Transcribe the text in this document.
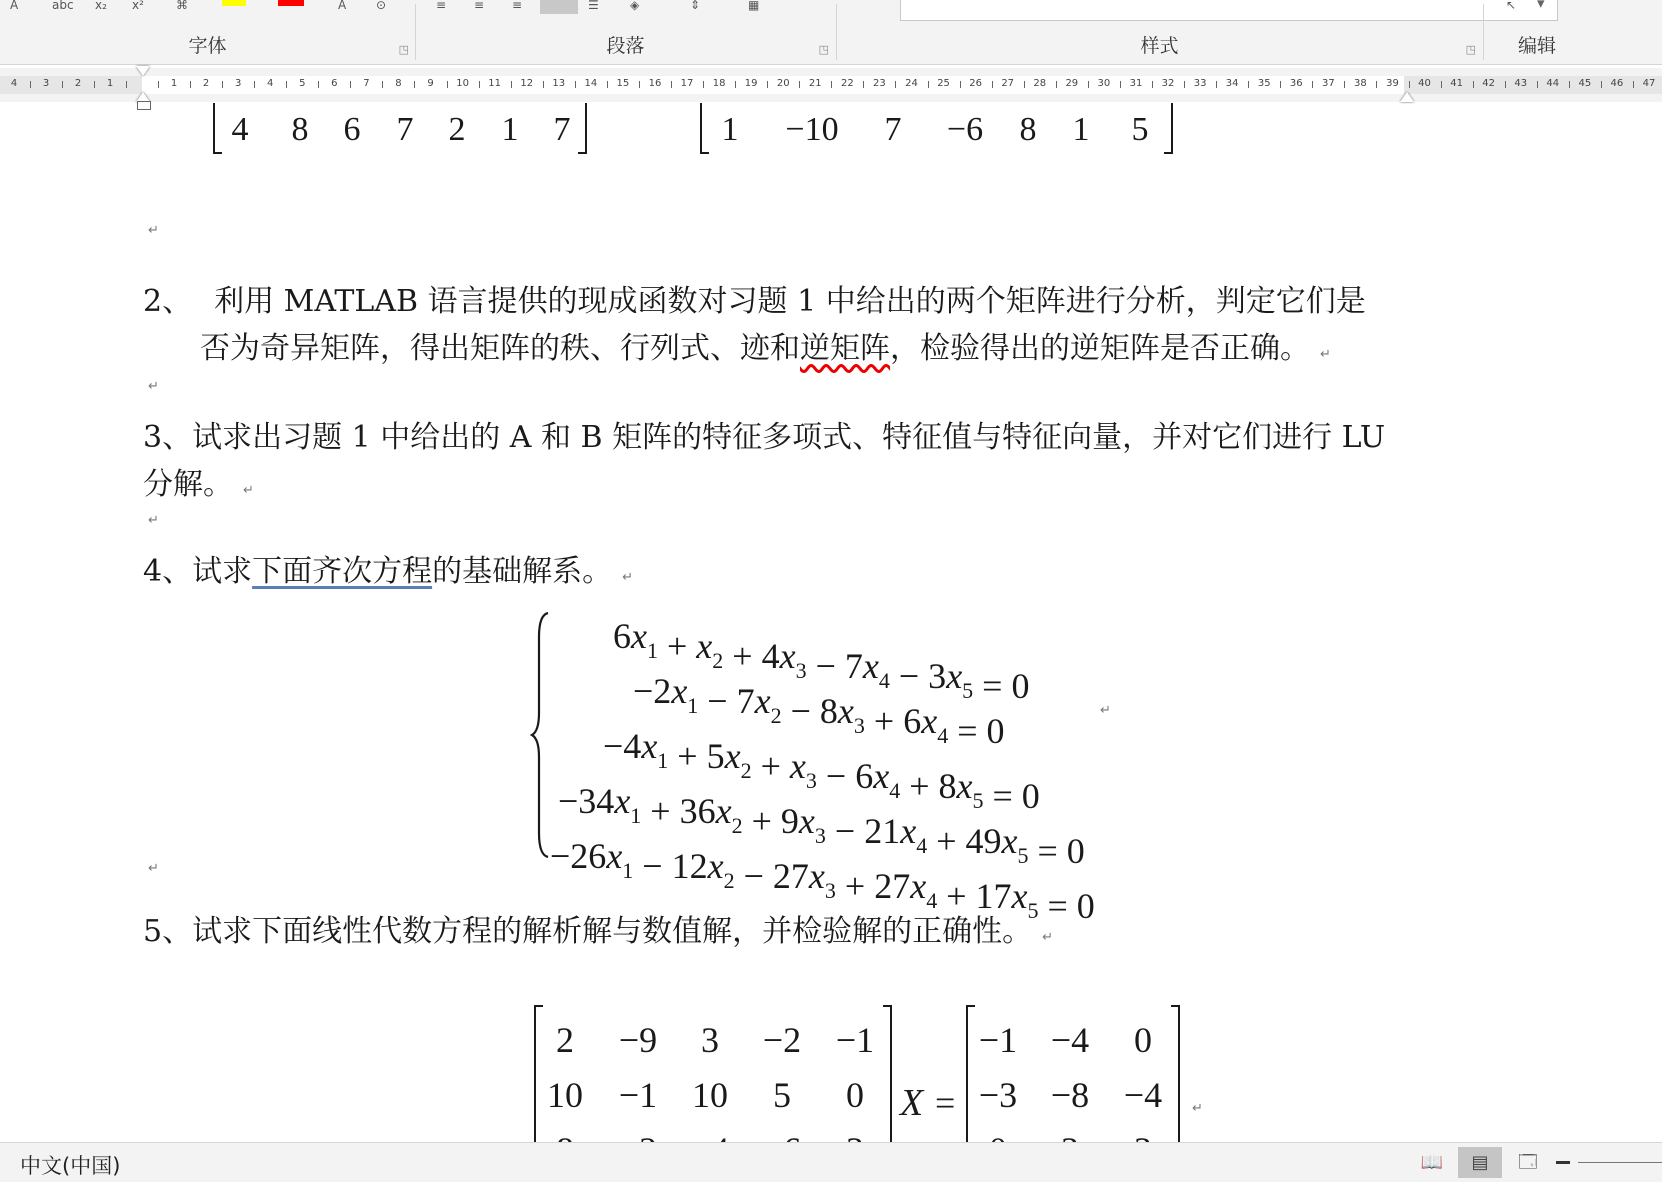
A	abc x₂ x²	⌘	A ⊙
字体	◳
≡ ≡ ≡	☰	◈	⇕	▦
段落	◳
▾
样式	◳
↖
编辑
4	3	2	1	1	2	3	4	5	6	7	8	9 10 11 12 13 14 15 16 17 18 19 20 21 22 23 24 25 26 27 28 29 30 31 32 33 34 35 36 37 38 39 40 41 42 43 44 45 46 47
4 8 6 7 2 1 7	1 −10 7 −6 8 1 5
↵
2、 利用 MATLAB 语言提供的现成函数对习题 1 中给出的两个矩阵进行分析，判定它们是
否为奇异矩阵，得出矩阵的秩、行列式、迹和逆矩阵，检验得出的逆矩阵是否正确。 ↵
↵
3、试求出习题 1 中给出的 A 和 B 矩阵的特征多项式、特征值与特征向量，并对它们进行 LU
分解。 ↵
↵
4、试求下面齐次方程的基础解系。 ↵
$6x_1 + x_2 + 4x_3 - 7x_4 - 3x_5 = 0$
$-2x_1 - 7x_2 - 8x_3 + 6x_4 = 0$
$-4x_1 + 5x_2 + x_3 - 6x_4 + 8x_5 = 0$
$-34x_1 + 36x_2 + 9x_3 - 21x_4 + 49x_5 = 0$
$-26x_1 - 12x_2 - 27x_3 + 27x_4 + 17x_5 = 0$
↵
↵
5、试求下面线性代数方程的解析解与数值解，并检验解的正确性。 ↵
2 −9 3 −2 −1
10 −1 10 5 0 X =
−1 −4 0
−3 −8 −4 ↵
中文(中国)	📖	▤	🗔
